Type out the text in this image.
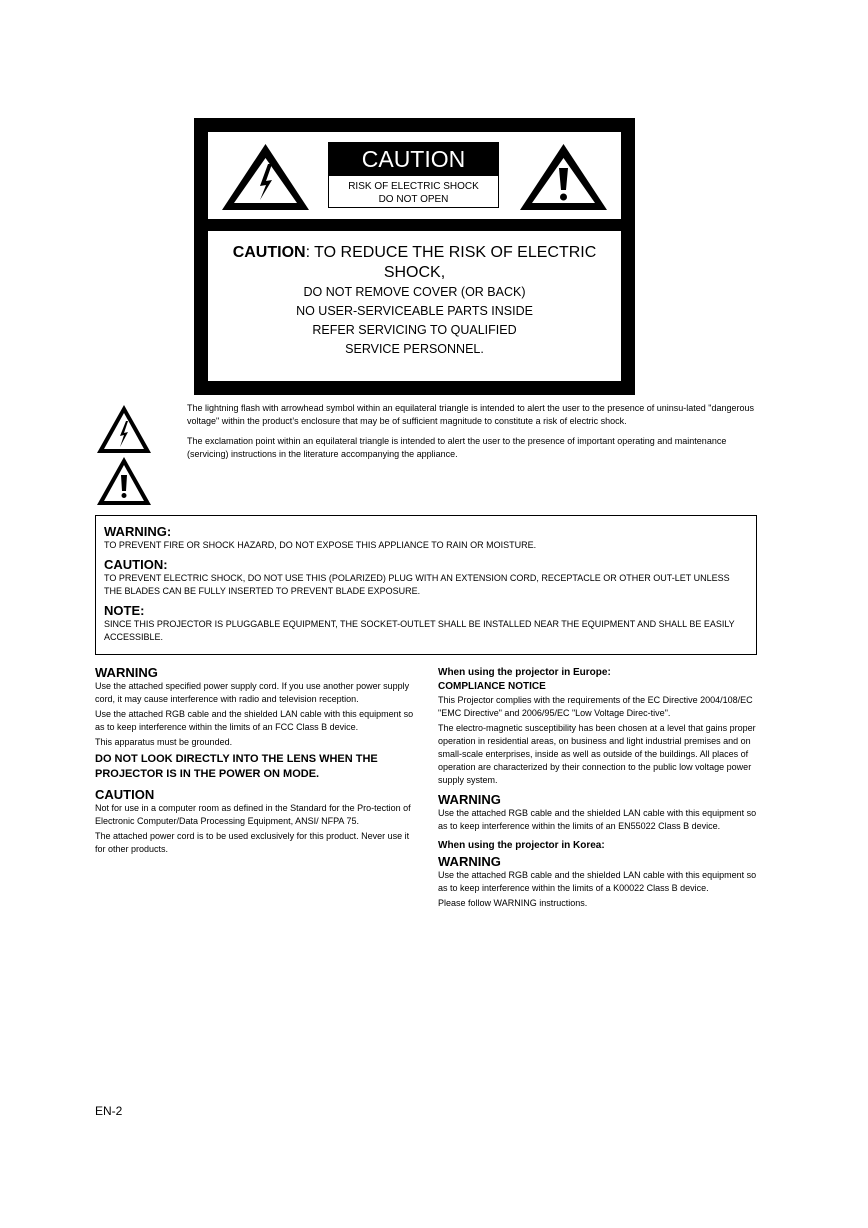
CAUTION
RISK OF ELECTRIC SHOCK
DO NOT OPEN
CAUTION: TO REDUCE THE RISK OF ELECTRIC
SHOCK,
DO NOT REMOVE COVER (OR BACK)
NO USER-SERVICEABLE PARTS INSIDE
REFER SERVICING TO QUALIFIED
SERVICE PERSONNEL.

The lightning flash with arrowhead symbol within an equilateral triangle is intended to alert the user to the presence of uninsu-lated "dangerous voltage" within the product’s enclosure that may be of sufficient magnitude to constitute a risk of electric shock.

The exclamation point within an equilateral triangle is intended to alert the user to the presence of important operating and maintenance (servicing) instructions in the literature accompanying the appliance.

WARNING:

TO PREVENT FIRE OR SHOCK HAZARD, DO NOT EXPOSE THIS APPLIANCE TO RAIN OR MOISTURE.

CAUTION:

TO PREVENT ELECTRIC SHOCK, DO NOT USE THIS (POLARIZED) PLUG WITH AN EXTENSION CORD, RECEPTACLE OR OTHER OUT-LET UNLESS THE BLADES CAN BE FULLY INSERTED TO PREVENT BLADE EXPOSURE.

NOTE:

SINCE THIS PROJECTOR IS PLUGGABLE EQUIPMENT, THE SOCKET-OUTLET SHALL BE INSTALLED NEAR THE EQUIPMENT AND SHALL BE EASILY ACCESSIBLE.

WARNING

Use the attached specified power supply cord. If you use another power supply cord, it may cause interference with radio and television reception.

Use the attached RGB cable and the shielded LAN cable with this equipment so as to keep interference within the limits of an FCC Class B device.

This apparatus must be grounded.

DO NOT LOOK DIRECTLY INTO THE LENS WHEN THE PROJECTOR IS IN THE POWER ON MODE.

CAUTION

Not for use in a computer room as defined in the Standard for the Pro-tection of Electronic Computer/Data Processing Equipment, ANSI/ NFPA 75.

The attached power cord is to be used exclusively for this product. Never use it for other products.

When using the projector in Europe:
COMPLIANCE NOTICE

This Projector complies with the requirements of the EC Directive 2004/108/EC "EMC Directive" and 2006/95/EC "Low Voltage Direc-tive".

The electro-magnetic susceptibility has been chosen at a level that gains proper operation in residential areas, on business and light industrial premises and on small-scale enterprises, inside as well as outside of the buildings. All places of operation are characterized by their connection to the public low voltage power supply system.

WARNING

Use the attached RGB cable and the shielded LAN cable with this equipment so as to keep interference within the limits of an EN55022 Class B device.

When using the projector in Korea:
WARNING

Use the attached RGB cable and the shielded LAN cable with this equipment so as to keep interference within the limits of a K00022 Class B device.

Please follow WARNING instructions.

EN-2
